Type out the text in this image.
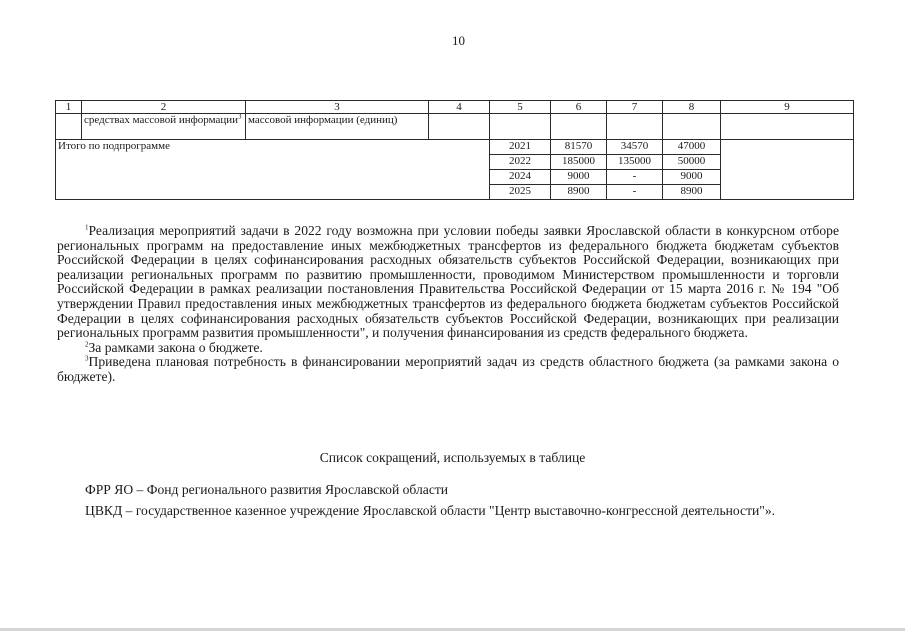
10
1	2	3	4	5	6	7	8	9
	средствах массовой информации$^3$	массовой информации (единиц)						
Итого по подпрограмме				2021	81570	34570	47000	
				2022	185000	135000	50000	
				2024	9000	-	9000	
				2025	8900	-	8900	

$^1$Реализация мероприятий задачи в 2022 году возможна при условии победы заявки Ярославской области в конкурсном отборе региональных программ на предоставление иных межбюджетных трансфертов из федерального бюджета бюджетам субъектов Российской Федерации в целях софинансирования расходных обязательств субъектов Российской Федерации, возникающих при реализации региональных программ по развитию промышленности, проводимом Министерством промышленности и торговли Российской Федерации в рамках реализации постановления Правительства Российской Федерации от 15 марта 2016 г. № 194 "Об утверждении Правил предоставления иных межбюджетных трансфертов из федерального бюджета бюджетам субъектов Российской Федерации в целях софинансирования расходных обязательств субъектов Российской Федерации, возникающих при реализации региональных программ развития промышленности", и получения финансирования из средств федерального бюджета.

$^2$За рамками закона о бюджете.

$^3$Приведена плановая потребность в финансировании мероприятий задач из средств областного бюджета (за рамками закона о бюджете).

Список сокращений, используемых в таблице

ФРР ЯО – Фонд регионального развития Ярославской области

ЦВКД – государственное казенное учреждение Ярославской области "Центр выставочно-конгрессной деятельности"».
